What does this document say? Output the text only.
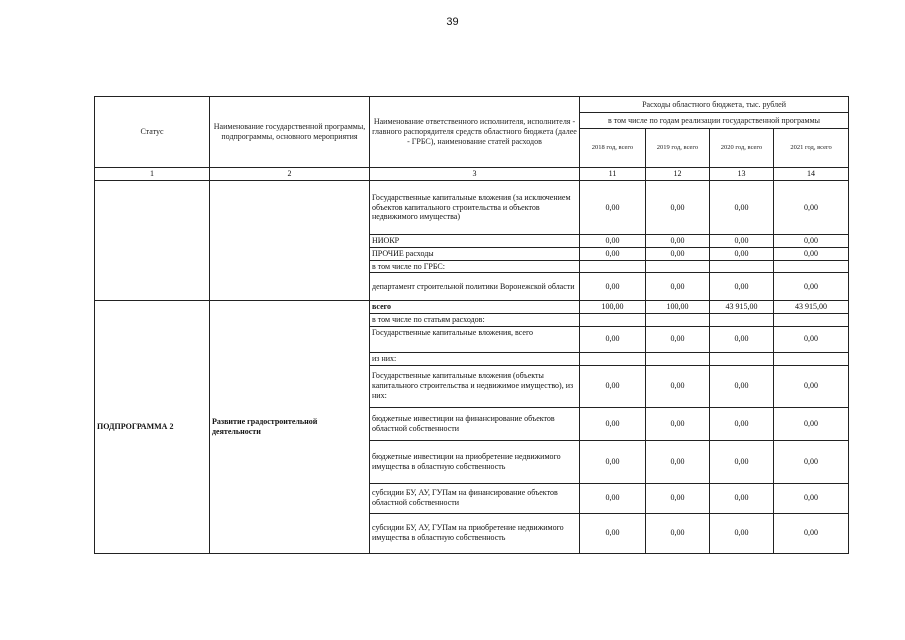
39
Статус	Наименование государственной программы, подпрограммы, основного мероприятия	Наименование ответственного исполнителя, исполнителя - главного распорядителя средств областного бюджета (далее - ГРБС), наименование статей расходов	Расходы областного бюджета, тыс. рублей			
			в том числе по годам реализации государственной программы			
			2018 год, всего	2019 год, всего	2020 год, всего	2021 год, всего
1	2	3	11	12	13	14
		Государственные капитальные вложения (за исключением объектов капитального строительства и объектов недвижимого имущества)	0,00	0,00	0,00	0,00
		НИОКР	0,00	0,00	0,00	0,00
		ПРОЧИЕ расходы	0,00	0,00	0,00	0,00
		в том числе по ГРБС:				
		департамент строительной политики Воронежской области	0,00	0,00	0,00	0,00
ПОДПРОГРАММА 2	Развитие градостроительной деятельности	всего	100,00	100,00	43 915,00	43 915,00
		в том числе по статьям расходов:				
		Государственные капитальные вложения, всего	0,00	0,00	0,00	0,00
		из них:				
		Государственные капитальные вложения (объекты капитального строительства и недвижимое имущество), из них:	0,00	0,00	0,00	0,00
		бюджетные инвестиции на финансирование объектов областной собственности	0,00	0,00	0,00	0,00
		бюджетные инвестиции на приобретение недвижимого имущества в областную собственность	0,00	0,00	0,00	0,00
		субсидии БУ, АУ, ГУПам на финансирование объектов областной собственности	0,00	0,00	0,00	0,00
		субсидии БУ, АУ, ГУПам на приобретение недвижимого имущества в областную собственность	0,00	0,00	0,00	0,00
